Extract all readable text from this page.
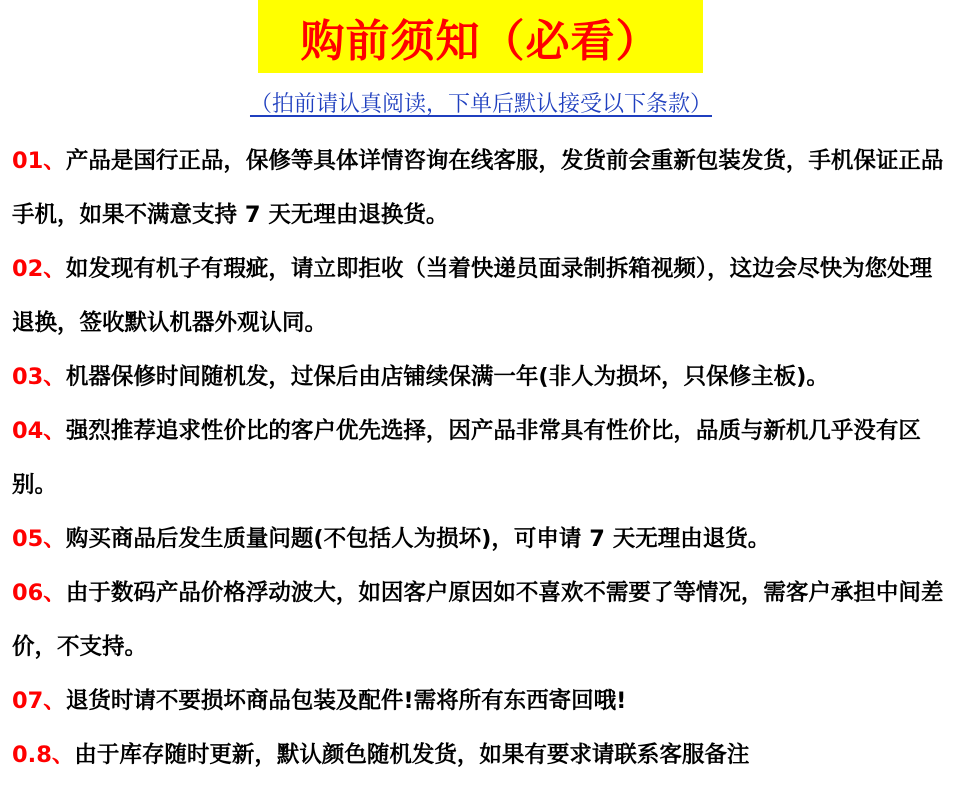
购前须知（必看）
（拍前请认真阅读，下单后默认接受以下条款）

01、产品是国行正品，保修等具体详情咨询在线客服，发货前会重新包装发货，手机保证正品手机，如果不满意支持 7 天无理由退换货。

02、如发现有机子有瑕疵，请立即拒收（当着快递员面录制拆箱视频），这边会尽快为您处理退换，签收默认机器外观认同。

03、机器保修时间随机发，过保后由店铺续保满一年(非人为损坏，只保修主板)。

04、强烈推荐追求性价比的客户优先选择，因产品非常具有性价比，品质与新机几乎没有区别。

05、购买商品后发生质量问题(不包括人为损坏)，可申请 7 天无理由退货。

06、由于数码产品价格浮动波大，如因客户原因如不喜欢不需要了等情况，需客户承担中间差价，不支持。

07、退货时请不要损坏商品包装及配件!需将所有东西寄回哦!

0.8、由于库存随时更新，默认颜色随机发货，如果有要求请联系客服备注
